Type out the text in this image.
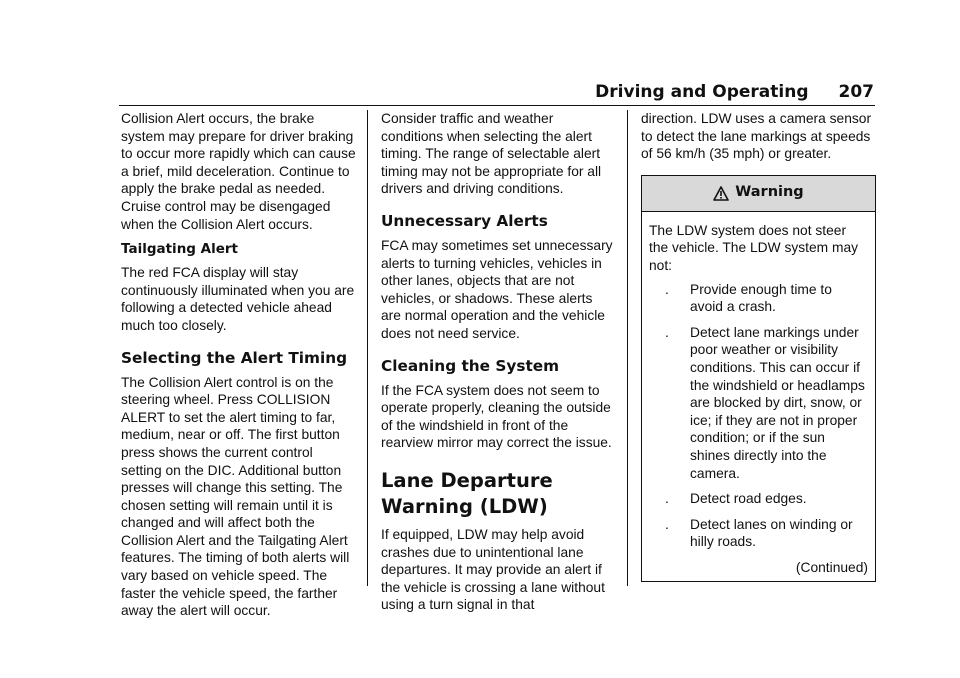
Driving and Operating 207

Collision Alert occurs, the brake system may prepare for driver braking to occur more rapidly which can cause a brief, mild deceleration. Continue to apply the brake pedal as needed. Cruise control may be disengaged when the Collision Alert occurs.

Tailgating Alert

The red FCA display will stay continuously illuminated when you are following a detected vehicle ahead much too closely.

Selecting the Alert Timing

The Collision Alert control is on the steering wheel. Press COLLISION ALERT to set the alert timing to far, medium, near or off. The first button press shows the current control setting on the DIC. Additional button presses will change this setting. The chosen setting will remain until it is changed and will affect both the Collision Alert and the Tailgating Alert features. The timing of both alerts will vary based on vehicle speed. The faster the vehicle speed, the farther away the alert will occur.

Consider traffic and weather conditions when selecting the alert timing. The range of selectable alert timing may not be appropriate for all drivers and driving conditions.

Unnecessary Alerts

FCA may sometimes set unnecessary alerts to turning vehicles, vehicles in other lanes, objects that are not vehicles, or shadows. These alerts are normal operation and the vehicle does not need service.

Cleaning the System

If the FCA system does not seem to operate properly, cleaning the outside of the windshield in front of the rearview mirror may correct the issue.

Lane Departure
Warning (LDW)

If equipped, LDW may help avoid crashes due to unintentional lane departures. It may provide an alert if the vehicle is crossing a lane without using a turn signal in that

direction. LDW uses a camera sensor to detect the lane markings at speeds of 56 km/h (35 mph) or greater.

Warning

The LDW system does not steer the vehicle. The LDW system may not:

. Provide enough time to avoid a crash.
. Detect lane markings under poor weather or visibility conditions. This can occur if the windshield or headlamps are blocked by dirt, snow, or ice; if they are not in proper condition; or if the sun shines directly into the camera.
. Detect road edges.
. Detect lanes on winding or hilly roads.
(Continued)
